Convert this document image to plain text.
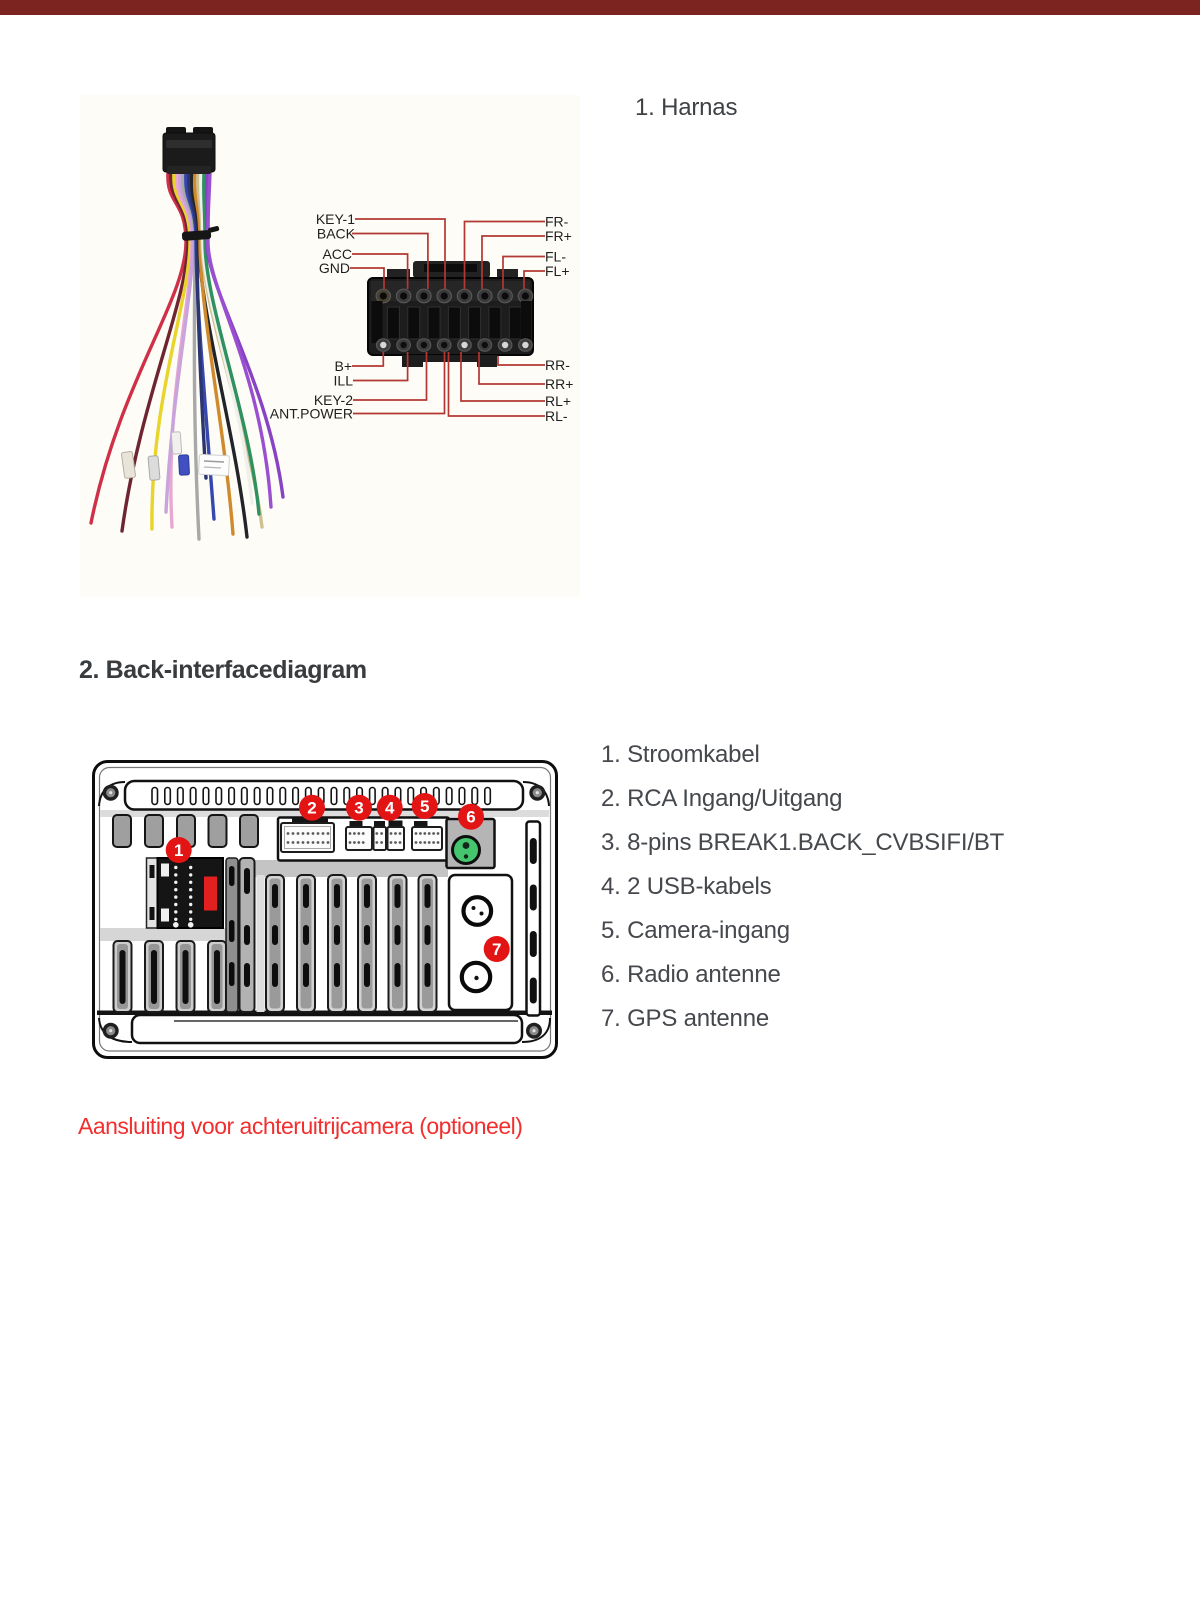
1. Harnas
KEY-1
BACK
ACC
GND
B+
ILL
KEY-2
ANT.POWER
FR-
FR+
FL-
FL+
RR-
RR+
RL+
RL-
2. Back-interfacediagram
1
2 3 4 5
6
7
1. Stroomkabel
2. RCA Ingang/Uitgang
3. 8-pins BREAK1.BACK_CVBSIFI/BT
4. 2 USB-kabels
5. Camera-ingang
6. Radio antenne
7. GPS antenne
Aansluiting voor achteruitrijcamera (optioneel)
